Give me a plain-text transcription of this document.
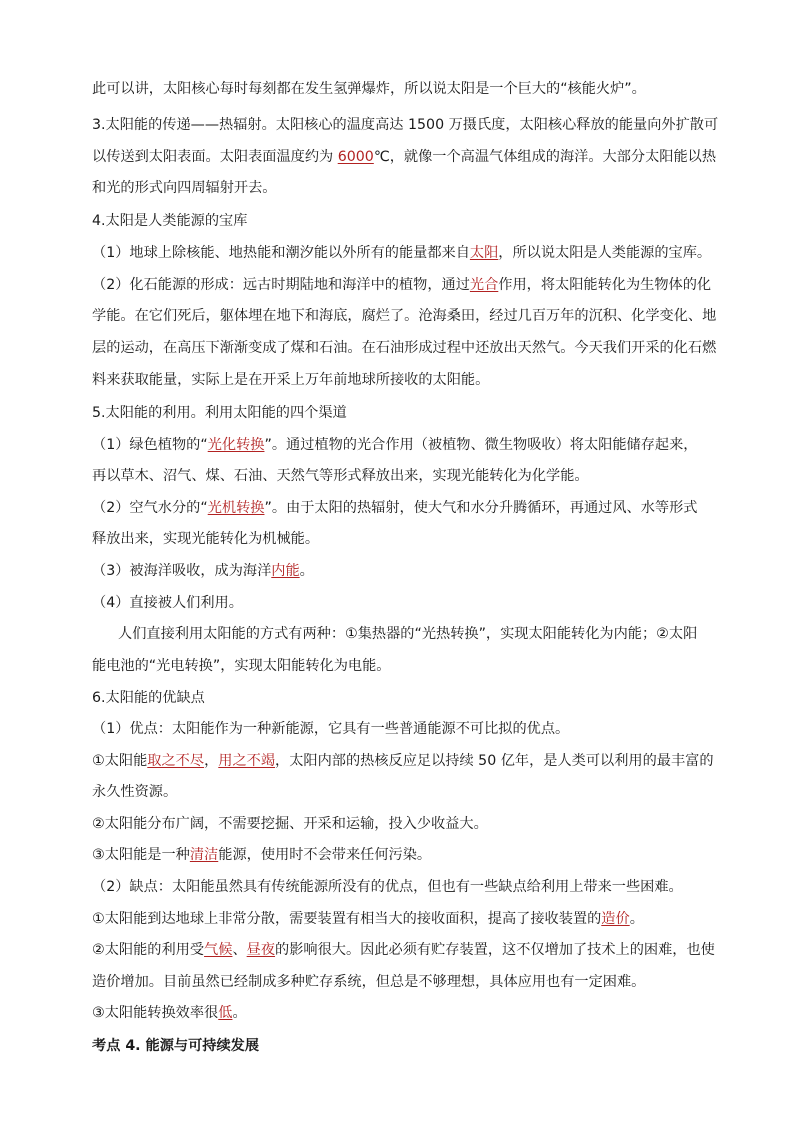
此可以讲，太阳核心每时每刻都在发生氢弹爆炸，所以说太阳是一个巨大的“核能火炉”。
3.太阳能的传递——热辐射。太阳核心的温度高达 1500 万摄氏度，太阳核心释放的能量向外扩散可
以传送到太阳表面。太阳表面温度约为 6000℃，就像一个高温气体组成的海洋。大部分太阳能以热
和光的形式向四周辐射开去。
4.太阳是人类能源的宝库
（1）地球上除核能、地热能和潮汐能以外所有的能量都来自太阳，所以说太阳是人类能源的宝库。
（2）化石能源的形成：远古时期陆地和海洋中的植物，通过光合作用，将太阳能转化为生物体的化
学能。在它们死后，躯体埋在地下和海底，腐烂了。沧海桑田，经过几百万年的沉积、化学变化、地
层的运动，在高压下渐渐变成了煤和石油。在石油形成过程中还放出天然气。今天我们开采的化石燃
料来获取能量，实际上是在开采上万年前地球所接收的太阳能。
5.太阳能的利用。利用太阳能的四个渠道
（1）绿色植物的“光化转换”。通过植物的光合作用（被植物、微生物吸收）将太阳能储存起来，
再以草木、沼气、煤、石油、天然气等形式释放出来，实现光能转化为化学能。
（2）空气水分的“光机转换”。由于太阳的热辐射，使大气和水分升腾循环，再通过风、水等形式
释放出来，实现光能转化为机械能。
（3）被海洋吸收，成为海洋内能。
（4）直接被人们利用。
人们直接利用太阳能的方式有两种：①集热器的“光热转换”，实现太阳能转化为内能；②太阳
能电池的“光电转换”，实现太阳能转化为电能。
6.太阳能的优缺点
（1）优点：太阳能作为一种新能源，它具有一些普通能源不可比拟的优点。
①太阳能取之不尽，用之不竭，太阳内部的热核反应足以持续 50 亿年，是人类可以利用的最丰富的
永久性资源。
②太阳能分布广阔，不需要挖掘、开采和运输，投入少收益大。
③太阳能是一种清洁能源，使用时不会带来任何污染。
（2）缺点：太阳能虽然具有传统能源所没有的优点，但也有一些缺点给利用上带来一些困难。
①太阳能到达地球上非常分散，需要装置有相当大的接收面积，提高了接收装置的造价。
②太阳能的利用受气候、昼夜的影响很大。因此必须有贮存装置，这不仅增加了技术上的困难，也使
造价增加。目前虽然已经制成多种贮存系统，但总是不够理想，具体应用也有一定困难。
③太阳能转换效率很低。
考点 4. 能源与可持续发展
